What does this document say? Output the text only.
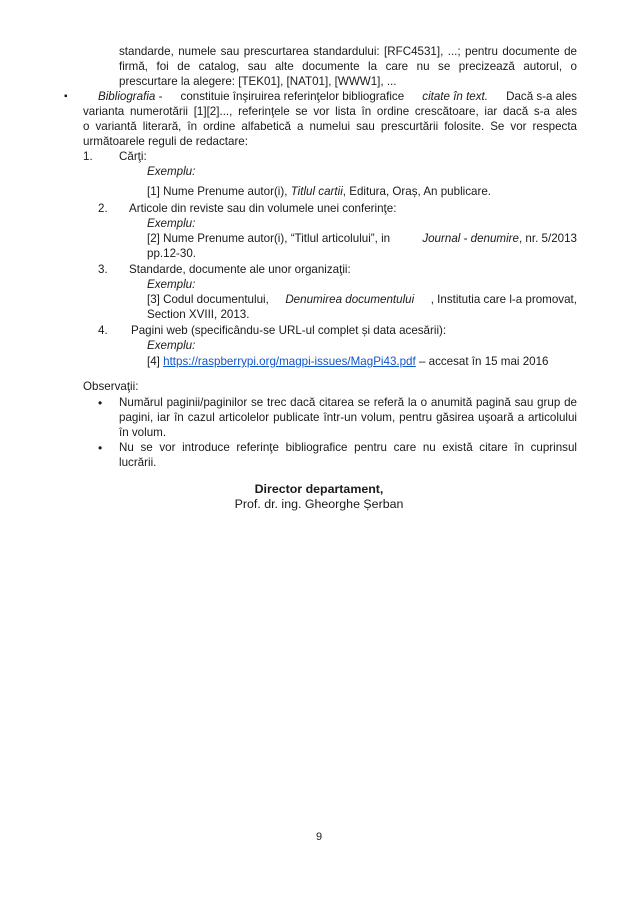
standarde, numele sau prescurtarea standardului: [RFC4531], ...; pentru documente de
firmă, foi de catalog, sau alte documente la care nu se precizează autorul, o
prescurtare la alegere: [TEK01], [NAT01], [WWW1], ...
▪	Bibliografia - constituie înşiruirea referinţelor bibliografice citate în text. Dacă s-a ales
varianta numerotării [1][2]..., referinţele se vor lista în ordine crescătoare, iar dacă s-a ales
o variantă literară, în ordine alfabetică a numelui sau prescurtării folosite. Se vor respecta
următoarele reguli de redactare:
1. Cărţi:
Exemplu:
[1] Nume Prenume autor(i), Titlul cartii, Editura, Oraș, An publicare.
2. Articole din reviste sau din volumele unei conferinţe:
Exemplu:
[2] Nume Prenume autor(i), “Titlul articolului”, in	Journal - denumire, nr. 5/2013
pp.12-30.
3. Standarde, documente ale unor organizaţii:
Exemplu:
[3] Codul documentului, Denumirea documentului , Institutia care l-a promovat,
Section XVIII, 2013.
4. Pagini web (specificându-se URL-ul complet și data acesării):
Exemplu:
[4] https://raspberrypi.org/magpi-issues/MagPi43.pdf – accesat în 15 mai 2016
Observaţii:
• Numărul paginii/paginilor se trec dacă citarea se referă la o anumită pagină sau grup de
pagini, iar în cazul articolelor publicate într-un volum, pentru găsirea uşoară a articolului
în volum.
• Nu se vor introduce referinţe bibliografice pentru care nu există citare în cuprinsul
lucrării.
Director departament,
Prof. dr. ing. Gheorghe Șerban
9
